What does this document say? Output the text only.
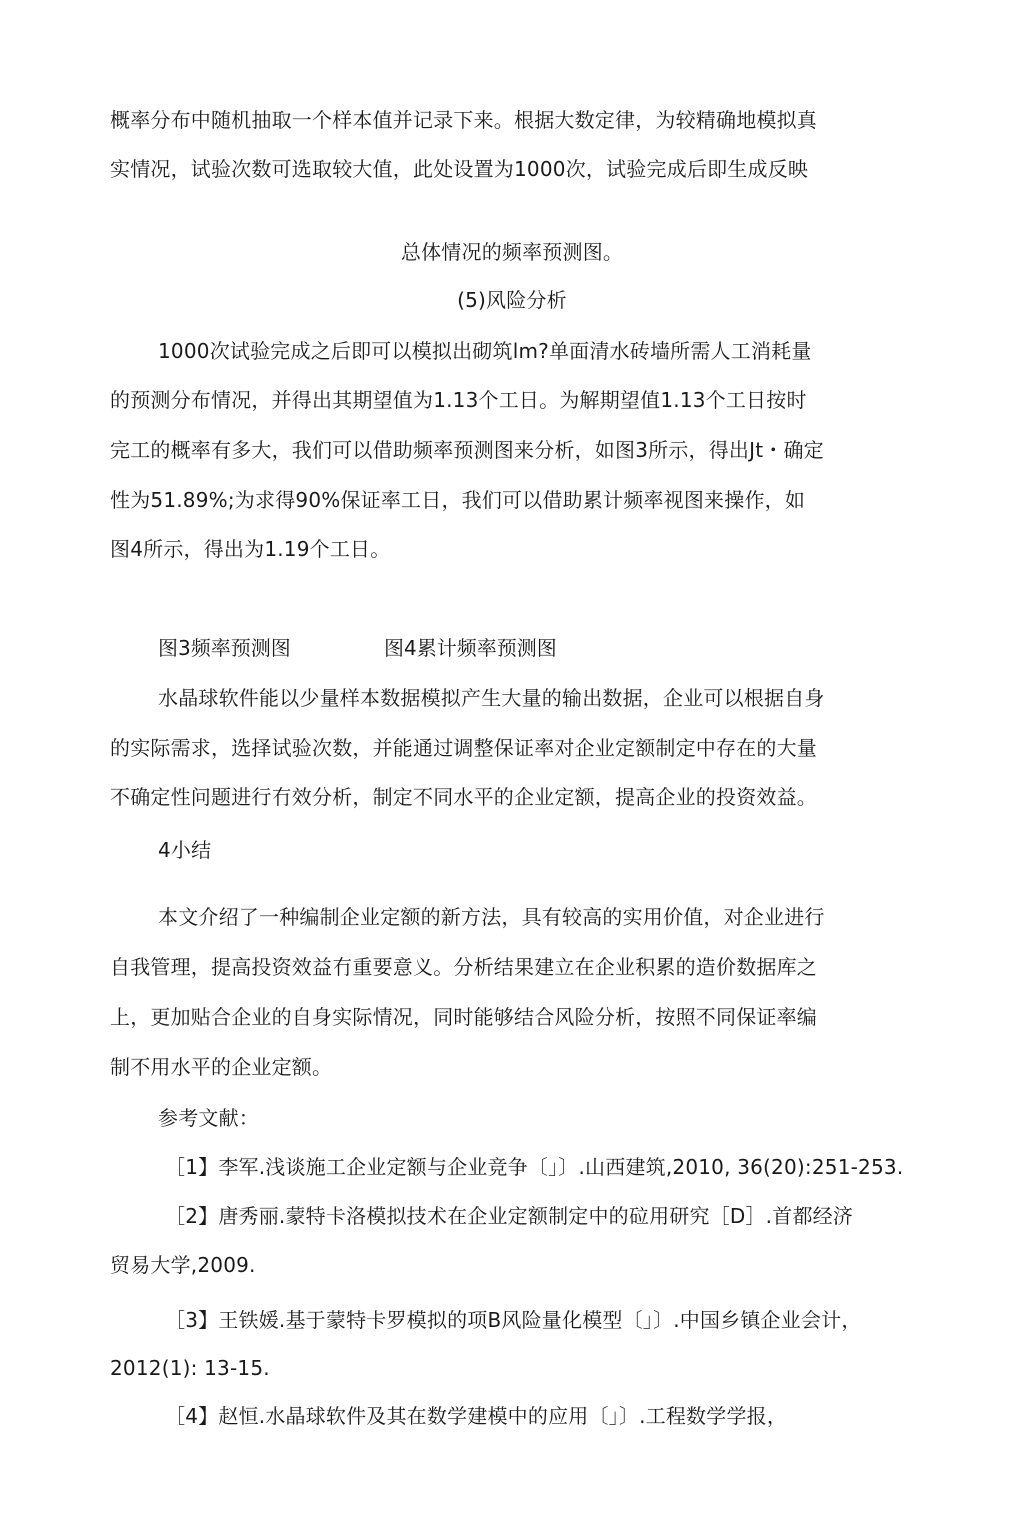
概率分布中随机抽取一个样本值并记录下来。根据大数定律，为较精确地模拟真
实情况，试验次数可选取较大值，此处设置为1000次，试验完成后即生成反映
总体情况的频率预测图。
(5)风险分析
1000次试验完成之后即可以模拟出砌筑lm?单面清水砖墙所需人工消耗量
的预测分布情况，并得出其期望值为1.13个工日。为解期望值1.13个工日按时
完工的概率有多大，我们可以借助频率预测图来分析，如图3所示，得出Jt・确定
性为51.89%;为求得90%保证率工日，我们可以借助累计频率视图来操作，如
图4所示，得出为1.19个工日。
图3频率预测图	图4累计频率预测图
水晶球软件能以少量样本数据模拟产生大量的输出数据，企业可以根据自身
的实际需求，选择试验次数，并能通过调整保证率对企业定额制定中存在的大量
不确定性问题进行冇效分析，制定不同水平的企业定额，提高企业的投资效益。
4小结
本文介绍了一种编制企业定额的新方法，具有较高的实用价值，对企业进行
自我管理，提高投资效益冇重要意义。分析结果建立在企业积累的造价数据库之
上，更加贴合企业的自身实际情况，同时能够结合风险分析，按照不同保证率编
制不用水平的企业定额。
参考文献：
［1】李军.浅谈施工企业定额与企业竞争〔」〕.山西建筑,2010, 36(20):251-253.
［2】唐秀丽.蒙特卡洛模拟技术在企业定额制定中的砬用研究［D］.首都经济
贸易大学,2009.
［3】王铁媛.基于蒙特卡罗模拟的项B风险量化模型〔」〕.中国乡镇企业会计，
2012(1): 13-15.
［4】赵恒.水晶球软件及其在数学建模中的应用〔」〕.工程数学学报，
